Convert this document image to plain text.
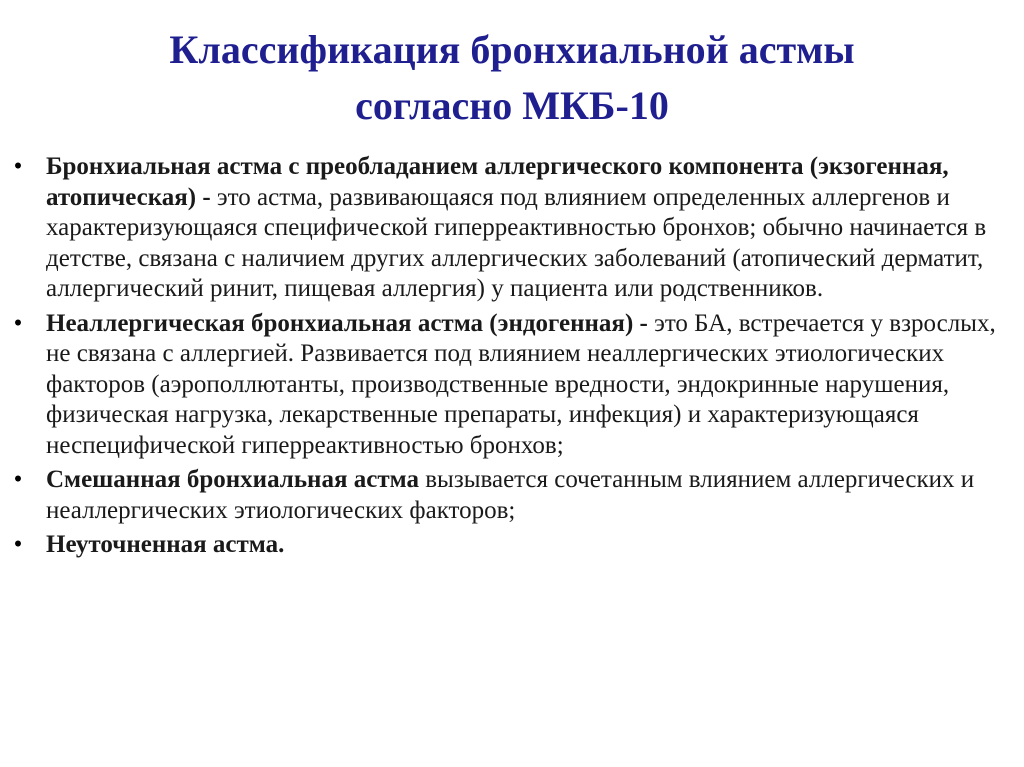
Классификация бронхиальной астмы
согласно МКБ-10
• Бронхиальная астма с преобладанием аллергического компонента (экзогенная, атопическая) - это астма, развивающаяся под влиянием определенных аллергенов и характеризующаяся специфической гиперреактивностью бронхов; обычно начинается в детстве, связана с наличием других аллергических заболеваний (атопический дерматит, аллергический ринит, пищевая аллергия) у пациента или родственников.
• Неаллергическая бронхиальная астма (эндогенная) - это БА, встречается у взрослых, не связана с аллергией. Развивается под влиянием неаллергических этиологических факторов (аэрополлютанты, производственные вредности, эндокринные нарушения, физическая нагрузка, лекарственные препараты, инфекция) и характеризующаяся неспецифической гиперреактивностью бронхов;
• Смешанная бронхиальная астма вызывается сочетанным влиянием аллергических и неаллергических этиологических факторов;
• Неуточненная астма.
